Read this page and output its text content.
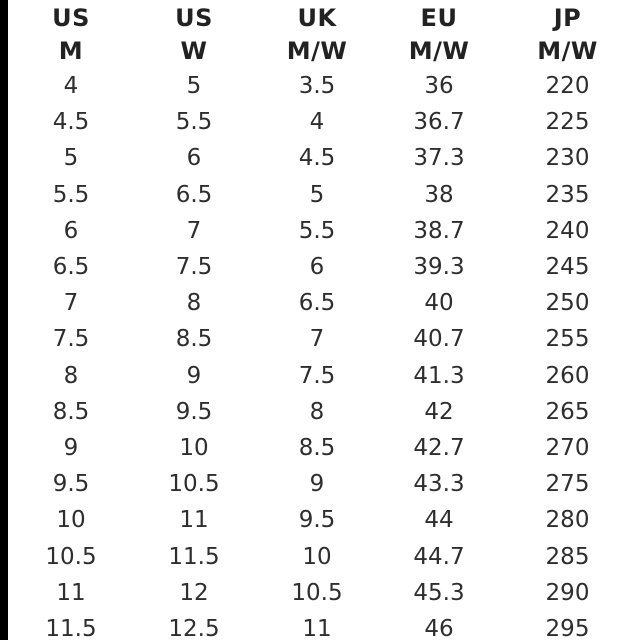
US	US	UK	EU	JP
M	W	M/W	M/W	M/W
4	5	3.5	36	220
4.5	5.5	4	36.7	225
5	6	4.5	37.3	230
5.5	6.5	5	38	235
6	7	5.5	38.7	240
6.5	7.5	6	39.3	245
7	8	6.5	40	250
7.5	8.5	7	40.7	255
8	9	7.5	41.3	260
8.5	9.5	8	42	265
9	10	8.5	42.7	270
9.5	10.5	9	43.3	275
10	11	9.5	44	280
10.5	11.5	10	44.7	285
11	12	10.5	45.3	290
11.5	12.5	11	46	295
